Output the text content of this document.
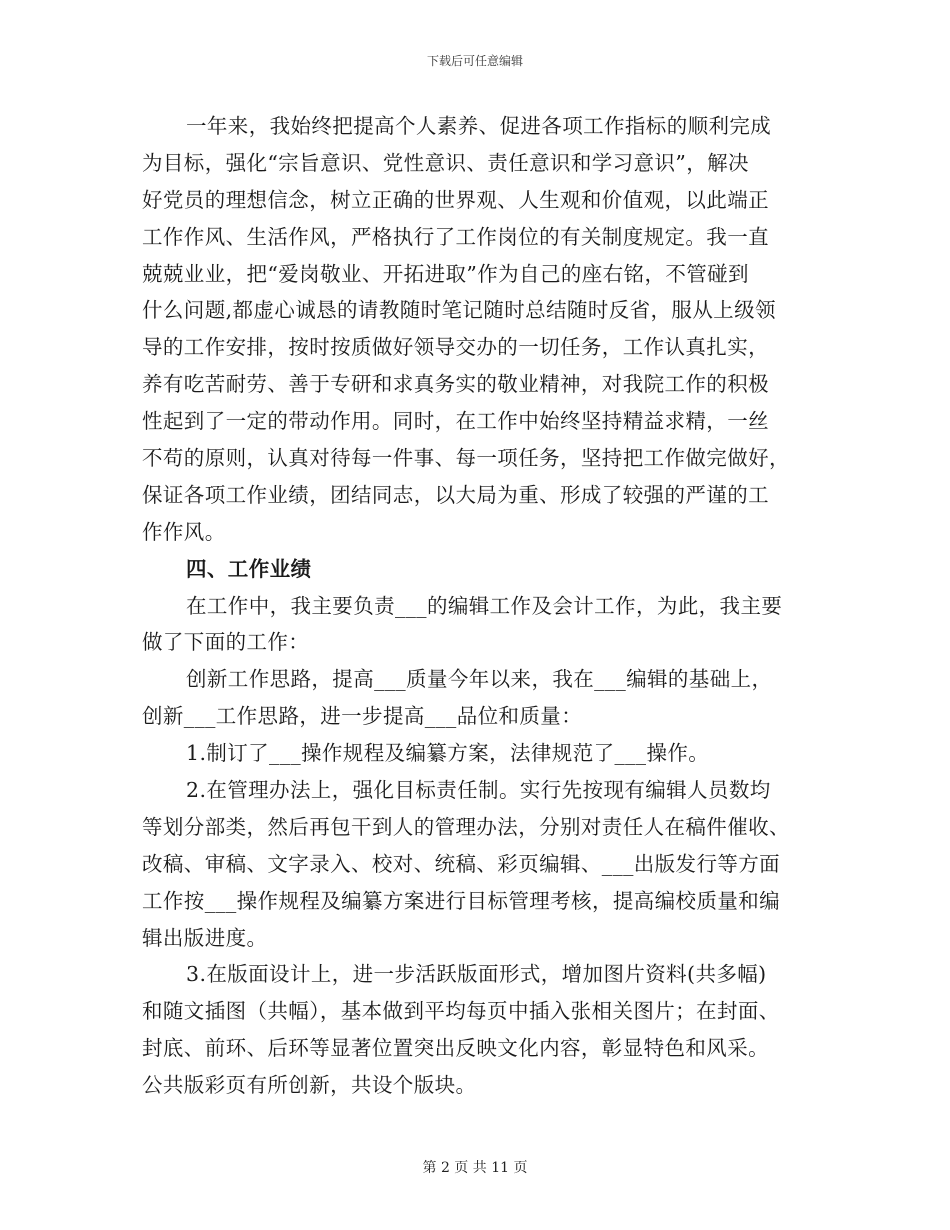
下载后可任意编辑
一年来，我始终把提高个人素养、促进各项工作指标的顺利完成
为目标，强化“宗旨意识、党性意识、责任意识和学习意识”，解决
好党员的理想信念，树立正确的世界观、人生观和价值观，以此端正
工作作风、生活作风，严格执行了工作岗位的有关制度规定。我一直
兢兢业业，把“爱岗敬业、开拓进取”作为自己的座右铭，不管碰到
什么问题,都虚心诚恳的请教随时笔记随时总结随时反省，服从上级领
导的工作安排，按时按质做好领导交办的一切任务，工作认真扎实，
养有吃苦耐劳、善于专研和求真务实的敬业精神，对我院工作的积极
性起到了一定的带动作用。同时，在工作中始终坚持精益求精，一丝
不苟的原则，认真对待每一件事、每一项任务，坚持把工作做完做好，
保证各项工作业绩，团结同志，以大局为重、形成了较强的严谨的工
作作风。
四、工作业绩
在工作中，我主要负责___的编辑工作及会计工作，为此，我主要
做了下面的工作：
创新工作思路，提高___质量今年以来，我在___编辑的基础上，
创新___工作思路，进一步提高___品位和质量：
1.制订了___操作规程及编纂方案，法律规范了___操作。
2.在管理办法上，强化目标责任制。实行先按现有编辑人员数均
等划分部类，然后再包干到人的管理办法，分别对责任人在稿件催收、
改稿、审稿、文字录入、校对、统稿、彩页编辑、___出版发行等方面
工作按___操作规程及编纂方案进行目标管理考核，提高编校质量和编
辑出版进度。
3.在版面设计上，进一步活跃版面形式，增加图片资料(共多幅)
和随文插图（共幅），基本做到平均每页中插入张相关图片；在封面、
封底、前环、后环等显著位置突出反映文化内容，彰显特色和风采。
公共版彩页有所创新，共设个版块。
第 2 页 共 11 页
